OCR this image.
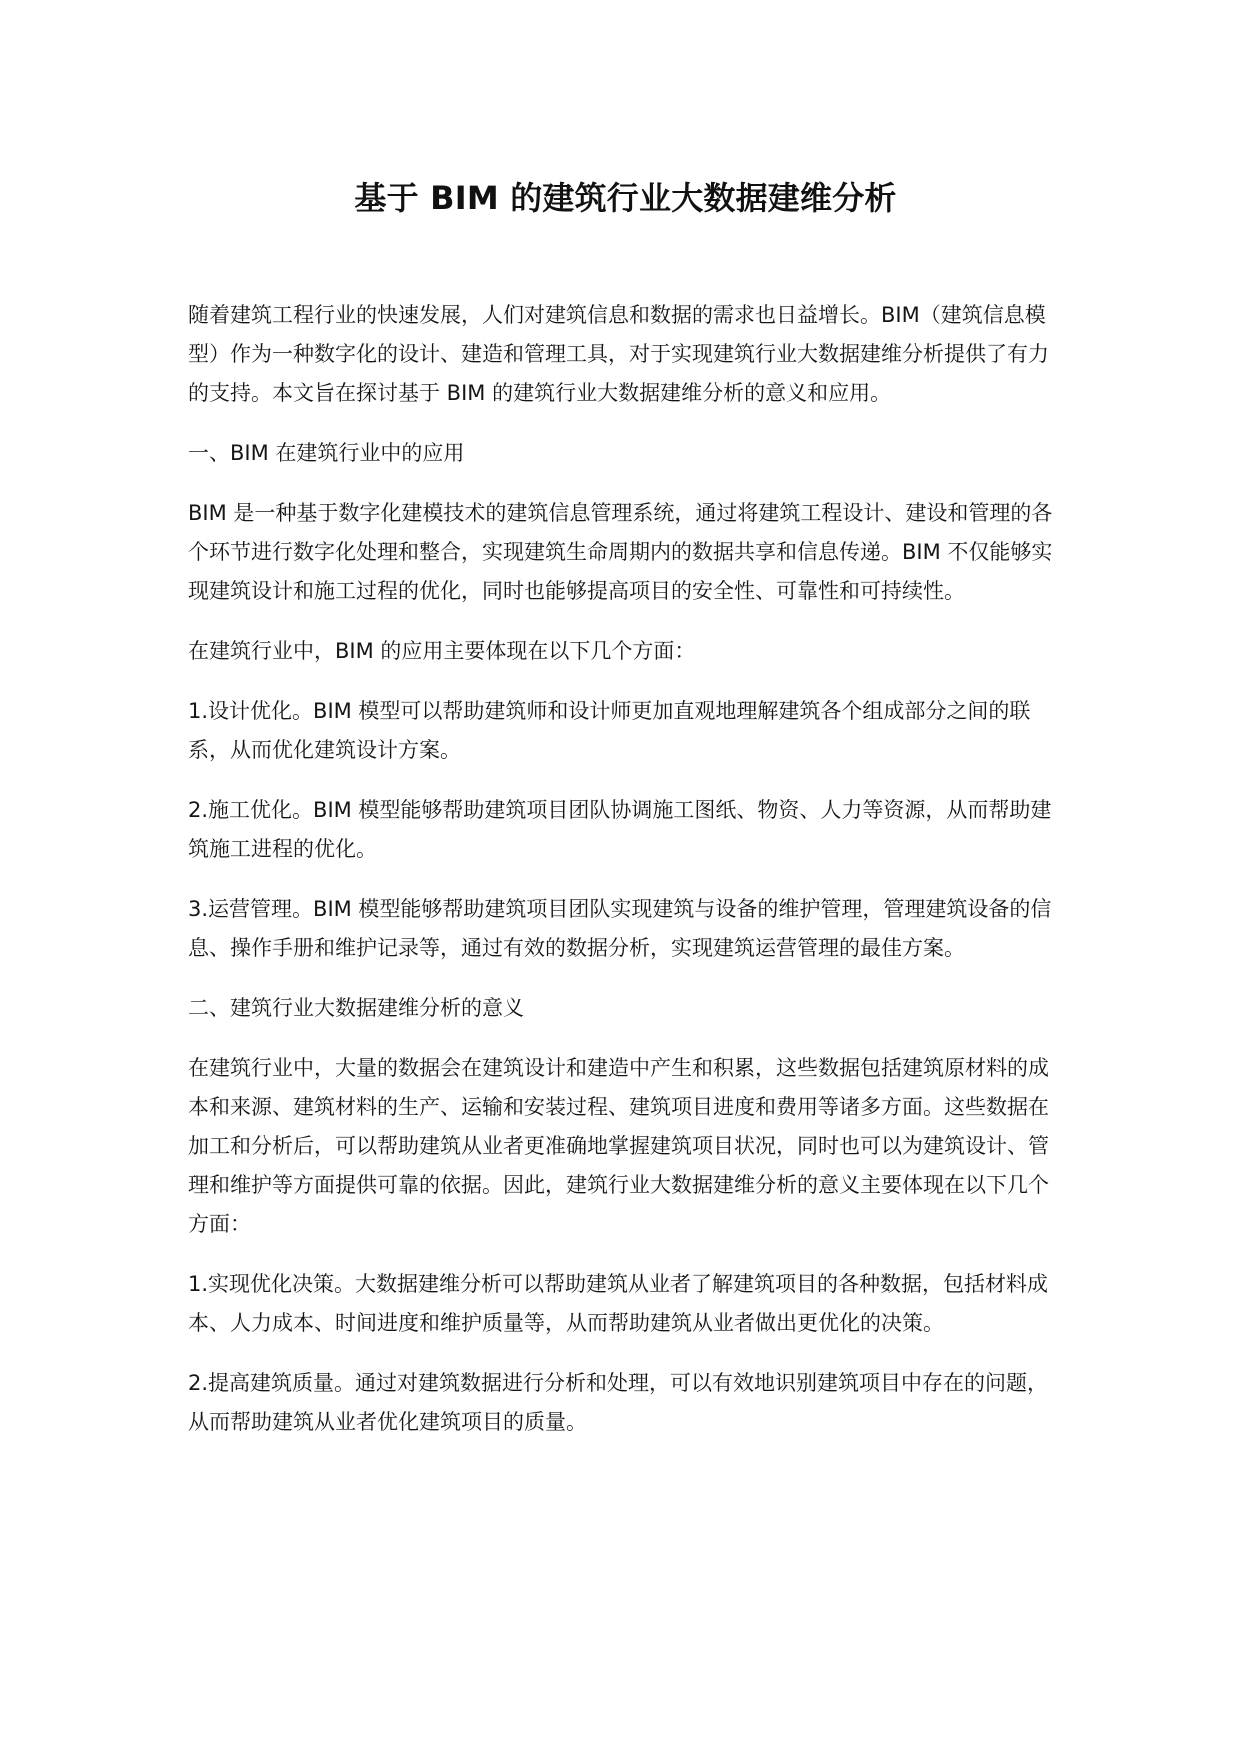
基于 BIM 的建筑行业大数据建维分析

随着建筑工程行业的快速发展，人们对建筑信息和数据的需求也日益增长。BIM（建筑信息模型）作为一种数字化的设计、建造和管理工具，对于实现建筑行业大数据建维分析提供了有力的支持。本文旨在探讨基于 BIM 的建筑行业大数据建维分析的意义和应用。

一、BIM 在建筑行业中的应用

BIM 是一种基于数字化建模技术的建筑信息管理系统，通过将建筑工程设计、建设和管理的各个环节进行数字化处理和整合，实现建筑生命周期内的数据共享和信息传递。BIM 不仅能够实现建筑设计和施工过程的优化，同时也能够提高项目的安全性、可靠性和可持续性。

在建筑行业中，BIM 的应用主要体现在以下几个方面：

1.设计优化。BIM 模型可以帮助建筑师和设计师更加直观地理解建筑各个组成部分之间的联系，从而优化建筑设计方案。

2.施工优化。BIM 模型能够帮助建筑项目团队协调施工图纸、物资、人力等资源，从而帮助建筑施工进程的优化。

3.运营管理。BIM 模型能够帮助建筑项目团队实现建筑与设备的维护管理，管理建筑设备的信息、操作手册和维护记录等，通过有效的数据分析，实现建筑运营管理的最佳方案。

二、建筑行业大数据建维分析的意义

在建筑行业中，大量的数据会在建筑设计和建造中产生和积累，这些数据包括建筑原材料的成本和来源、建筑材料的生产、运输和安装过程、建筑项目进度和费用等诸多方面。这些数据在加工和分析后，可以帮助建筑从业者更准确地掌握建筑项目状况，同时也可以为建筑设计、管理和维护等方面提供可靠的依据。因此，建筑行业大数据建维分析的意义主要体现在以下几个方面：

1.实现优化决策。大数据建维分析可以帮助建筑从业者了解建筑项目的各种数据，包括材料成本、人力成本、时间进度和维护质量等，从而帮助建筑从业者做出更优化的决策。

2.提高建筑质量。通过对建筑数据进行分析和处理，可以有效地识别建筑项目中存在的问题，从而帮助建筑从业者优化建筑项目的质量。
